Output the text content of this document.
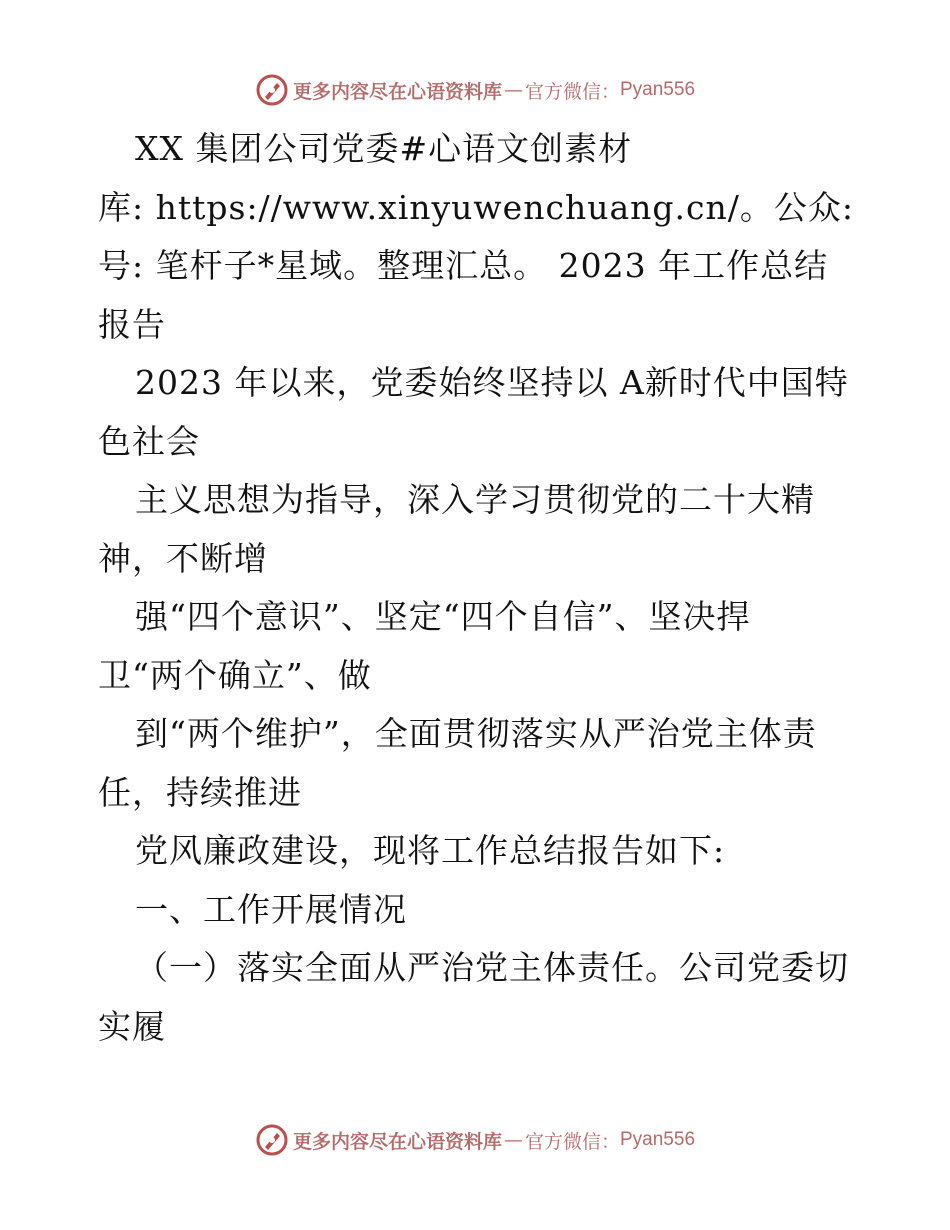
更多内容尽在心语资料库 — 官方微信： Pyan556

XX 集团公司党委#心语文创素材

库: https://www.xinyuwenchuang.cn/。公众:

号: 笔杆子*星域。整理汇总。 2023 年工作总结

报告

2023 年以来，党委始终坚持以 A新时代中国特

色社会

主义思想为指导，深入学习贯彻党的二十大精

神，不断增

强“四个意识”、坚定“四个自信”、坚决捍

卫“两个确立”、做

到“两个维护”，全面贯彻落实从严治党主体责

任，持续推进

党风廉政建设，现将工作总结报告如下:

一、工作开展情况

（一）落实全面从严治党主体责任。公司党委切

实履

更多内容尽在心语资料库 — 官方微信： Pyan556
